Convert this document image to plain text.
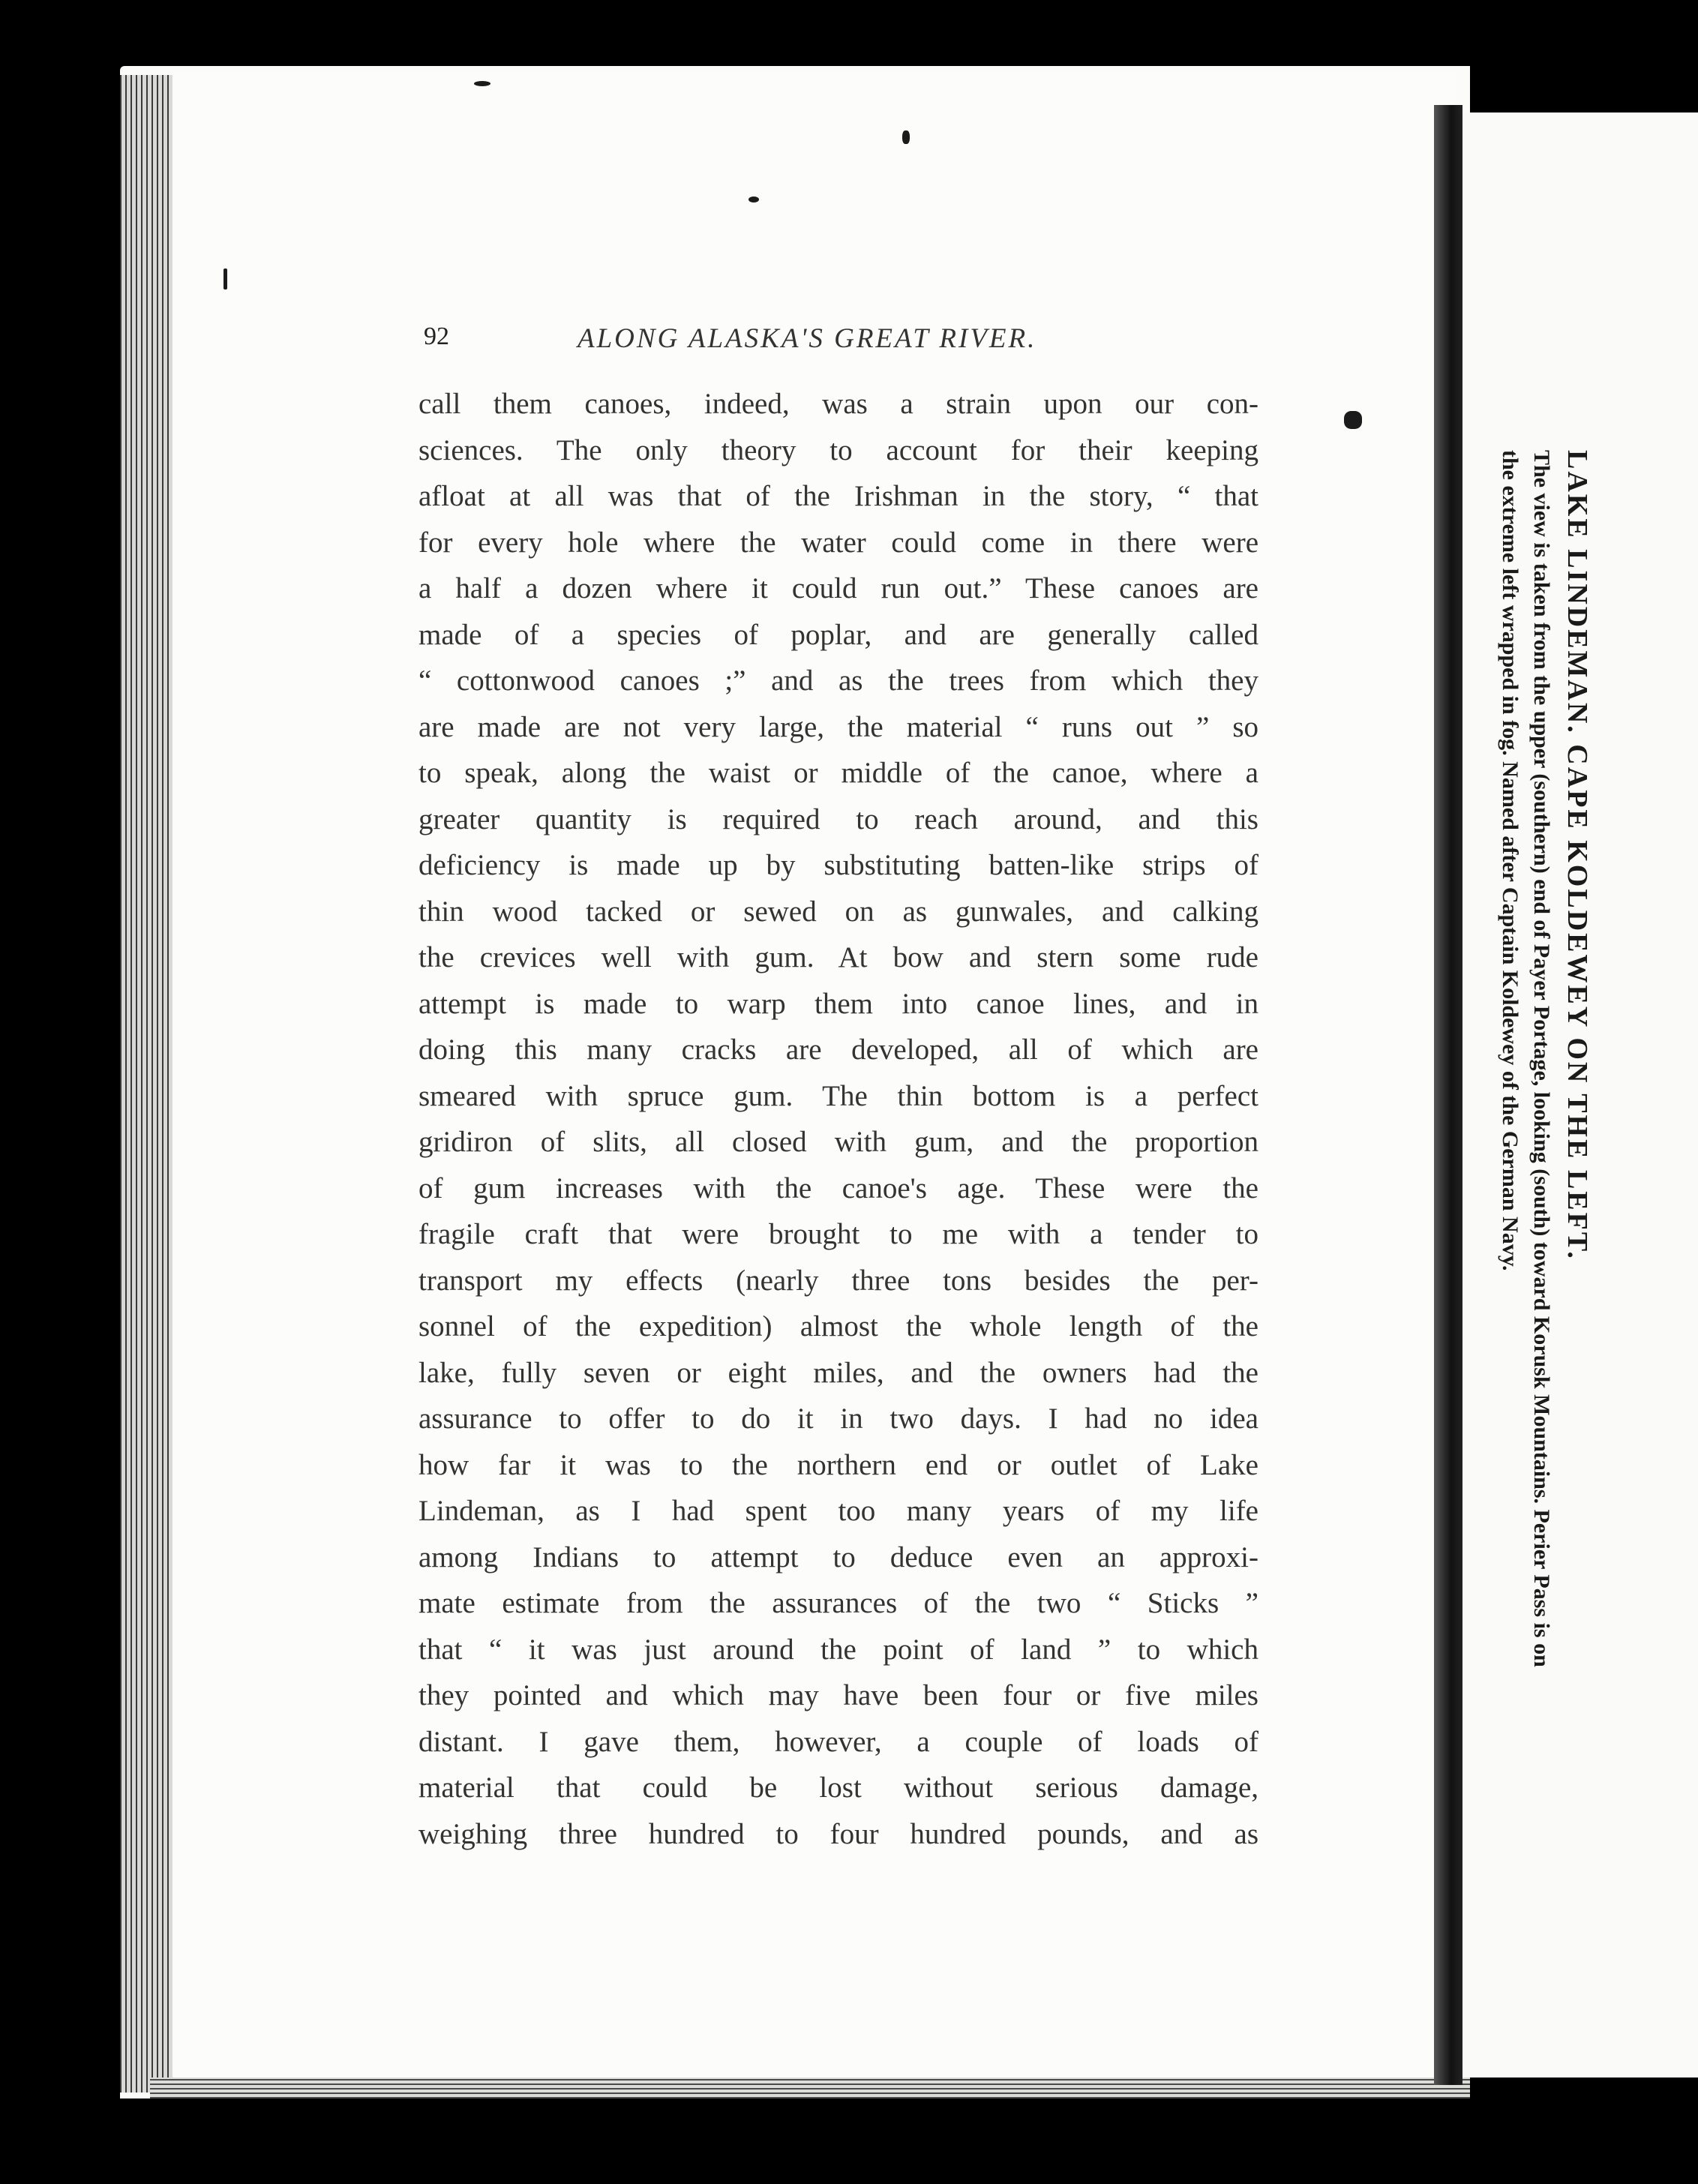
92	ALONG ALASKA'S GREAT RIVER.
call them canoes, indeed, was a strain upon our con-
sciences. The only theory to account for their keeping
afloat at all was that of the Irishman in the story, “ that
for every hole where the water could come in there were
a half a dozen where it could run out.” These canoes are
made of a species of poplar, and are generally called
“ cottonwood canoes ;” and as the trees from which they
are made are not very large, the material “ runs out ” so
to speak, along the waist or middle of the canoe, where a
greater quantity is required to reach around, and this
deficiency is made up by substituting batten-like strips of
thin wood tacked or sewed on as gunwales, and calking
the crevices well with gum. At bow and stern some rude
attempt is made to warp them into canoe lines, and in
doing this many cracks are developed, all of which are
smeared with spruce gum. The thin bottom is a perfect
gridiron of slits, all closed with gum, and the proportion
of gum increases with the canoe's age. These were the
fragile craft that were brought to me with a tender to
transport my effects (nearly three tons besides the per-
sonnel of the expedition) almost the whole length of the
lake, fully seven or eight miles, and the owners had the
assurance to offer to do it in two days. I had no idea
how far it was to the northern end or outlet of Lake
Lindeman, as I had spent too many years of my life
among Indians to attempt to deduce even an approxi-
mate estimate from the assurances of the two “ Sticks ”
that “ it was just around the point of land ” to which
they pointed and which may have been four or five miles
distant. I gave them, however, a couple of loads of
material that could be lost without serious damage,
weighing three hundred to four hundred pounds, and as
LAKE LINDEMAN. CAPE KOLDEWEY ON THE LEFT.
The view is taken from the upper (southern) end of Payer Portage, looking (south) toward Korusk Mountains. Perier Pass is on
the extreme left wrapped in fog. Named after Captain Koldewey of the German Navy.
